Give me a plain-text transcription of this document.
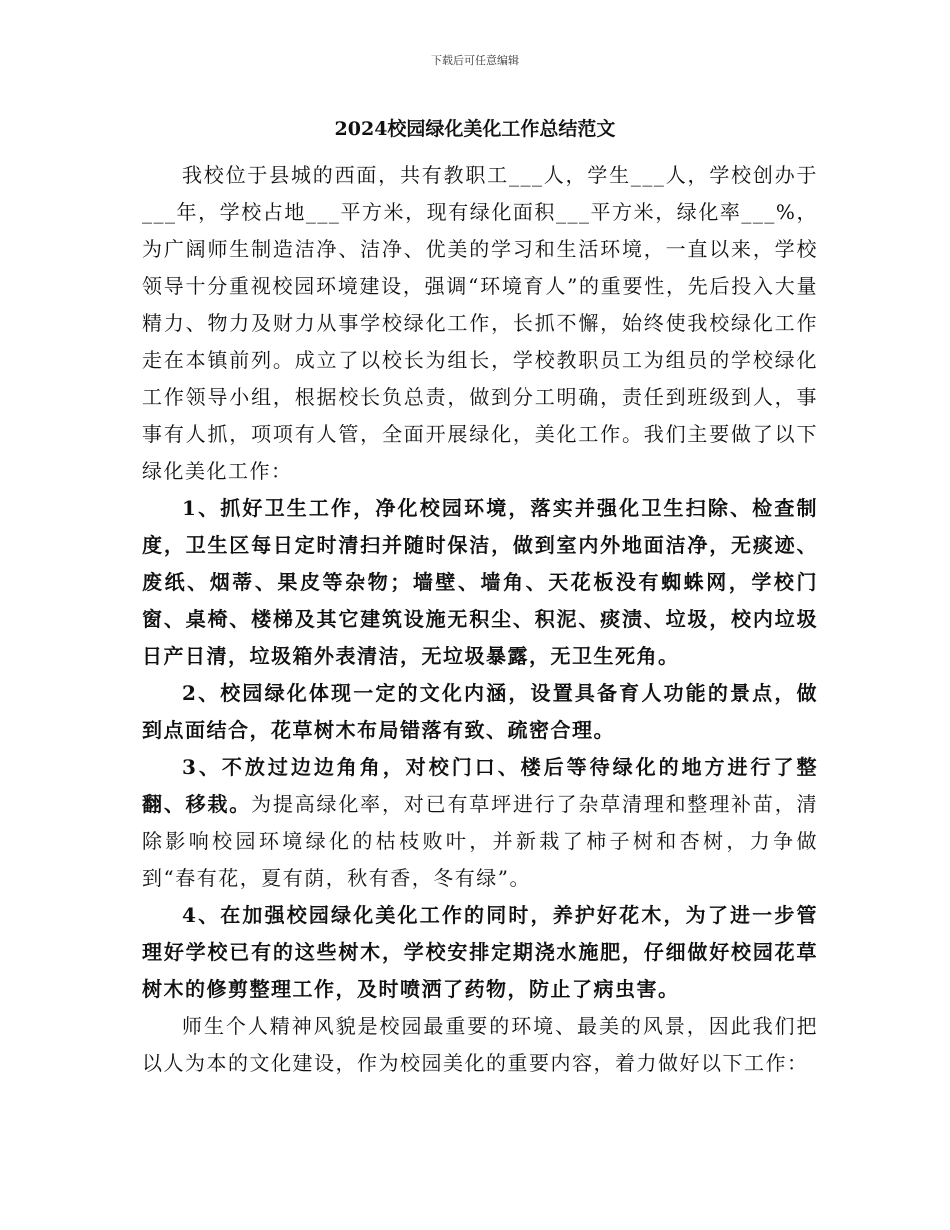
下载后可任意编辑
2024校园绿化美化工作总结范文

我校位于县城的西面，共有教职工___人，学生___人，学校创办于___年，学校占地___平方米，现有绿化面积___平方米，绿化率___%，为广阔师生制造洁净、洁净、优美的学习和生活环境，一直以来，学校领导十分重视校园环境建设，强调“环境育人”的重要性，先后投入大量精力、物力及财力从事学校绿化工作，长抓不懈，始终使我校绿化工作走在本镇前列。成立了以校长为组长，学校教职员工为组员的学校绿化工作领导小组，根据校长负总责，做到分工明确，责任到班级到人，事事有人抓，项项有人管，全面开展绿化，美化工作。我们主要做了以下绿化美化工作：

1、抓好卫生工作，净化校园环境，落实并强化卫生扫除、检查制度，卫生区每日定时清扫并随时保洁，做到室内外地面洁净，无痰迹、废纸、烟蒂、果皮等杂物；墙壁、墙角、天花板没有蜘蛛网，学校门窗、桌椅、楼梯及其它建筑设施无积尘、积泥、痰渍、垃圾，校内垃圾日产日清，垃圾箱外表清洁，无垃圾暴露，无卫生死角。

2、校园绿化体现一定的文化内涵，设置具备育人功能的景点，做到点面结合，花草树木布局错落有致、疏密合理。

3、不放过边边角角，对校门口、楼后等待绿化的地方进行了整翻、移栽。为提高绿化率，对已有草坪进行了杂草清理和整理补苗，清除影响校园环境绿化的枯枝败叶，并新栽了柿子树和杏树，力争做到“春有花，夏有荫，秋有香，冬有绿”。

4、在加强校园绿化美化工作的同时，养护好花木，为了进一步管理好学校已有的这些树木，学校安排定期浇水施肥，仔细做好校园花草树木的修剪整理工作，及时喷洒了药物，防止了病虫害。

师生个人精神风貌是校园最重要的环境、最美的风景，因此我们把以人为本的文化建设，作为校园美化的重要内容，着力做好以下工作：
